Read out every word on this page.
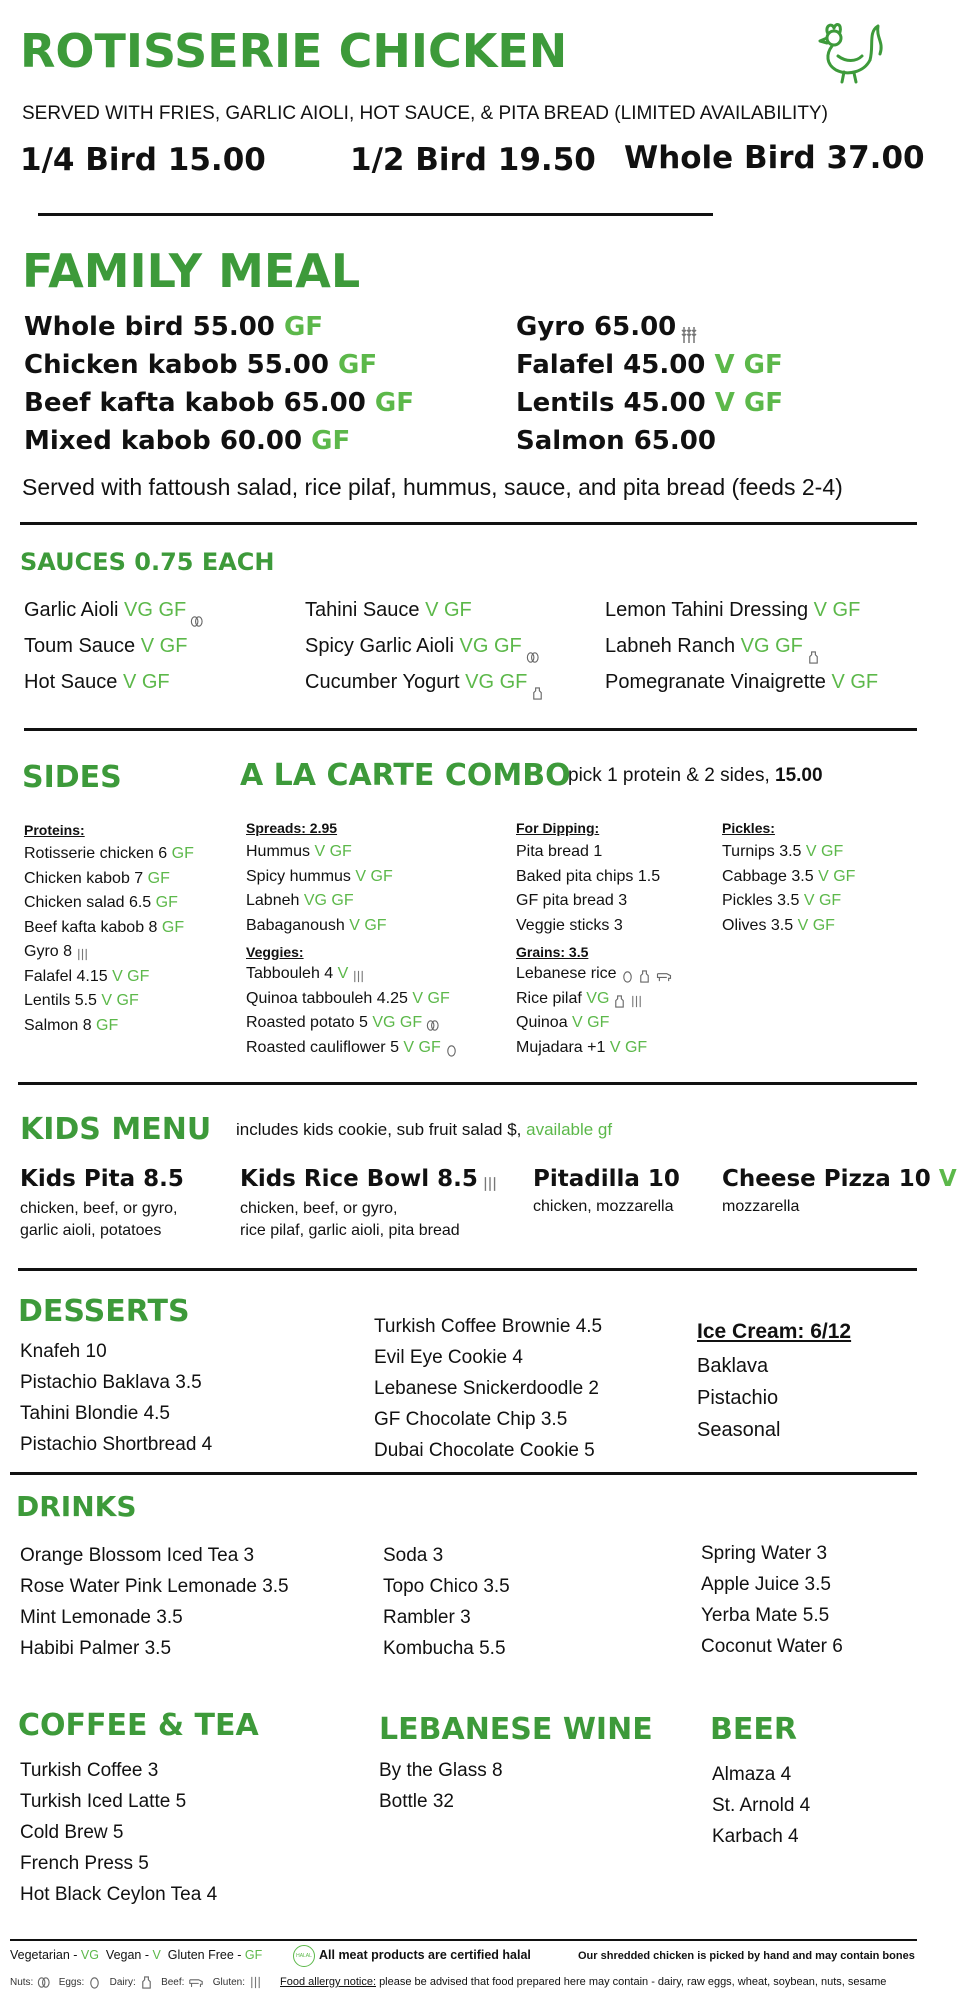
ROTISSERIE CHICKEN
SERVED WITH FRIES, GARLIC AIOLI, HOT SAUCE, & PITA BREAD (LIMITED AVAILABILITY)
1/4 Bird 15.00	1/2 Bird 19.50 Whole Bird 37.00
FAMILY MEAL
Whole bird 55.00 GF
Chicken kabob 55.00 GF
Beef kafta kabob 65.00 GF
Mixed kabob 60.00 GF
Gyro 65.00
Falafel 45.00 V GF
Lentils 45.00 V GF
Salmon 65.00
Served with fattoush salad, rice pilaf, hummus, sauce, and pita bread (feeds 2-4)
SAUCES 0.75 EACH
Garlic Aioli VG GF
Toum Sauce V GF
Hot Sauce V GF
Tahini Sauce V GF
Spicy Garlic Aioli VG GF
Cucumber Yogurt VG GF
Lemon Tahini Dressing V GF
Labneh Ranch VG GF
Pomegranate Vinaigrette V GF
SIDES	A LA CARTE COMBO
pick 1 protein & 2 sides, 15.00
Proteins:
Rotisserie chicken 6 GF
Chicken kabob 7 GF
Chicken salad 6.5 GF
Beef kafta kabob 8 GF
Gyro 8
Falafel 4.15 V GF
Lentils 5.5 V GF
Salmon 8 GF
Spreads: 2.95
Hummus V GF
Spicy hummus V GF
Labneh VG GF
Babaganoush V GF
Veggies:
Tabbouleh 4 V
Quinoa tabbouleh 4.25 V GF
Roasted potato 5 VG GF
Roasted cauliflower 5 V GF
For Dipping:
Pita bread 1
Baked pita chips 1.5
GF pita bread 3
Veggie sticks 3
Grains: 3.5
Lebanese rice
Rice pilaf VG
Quinoa V GF
Mujadara +1 V GF
Pickles:
Turnips 3.5 V GF
Cabbage 3.5 V GF
Pickles 3.5 V GF
Olives 3.5 V GF
KIDS MENU includes kids cookie, sub fruit salad $, available gf
Kids Pita 8.5
chicken, beef, or gyro,
garlic aioli, potatoes
Kids Rice Bowl 8.5
chicken, beef, or gyro,
rice pilaf, garlic aioli, pita bread
Pitadilla 10
chicken, mozzarella
Cheese Pizza 10 V
mozzarella
DESSERTS
Knafeh 10
Pistachio Baklava 3.5
Tahini Blondie 4.5
Pistachio Shortbread 4
Turkish Coffee Brownie 4.5
Evil Eye Cookie 4
Lebanese Snickerdoodle 2
GF Chocolate Chip 3.5
Dubai Chocolate Cookie 5
Ice Cream: 6/12
Baklava
Pistachio
Seasonal
DRINKS
Orange Blossom Iced Tea 3
Rose Water Pink Lemonade 3.5
Mint Lemonade 3.5
Habibi Palmer 3.5
Soda 3
Topo Chico 3.5
Rambler 3
Kombucha 5.5
Spring Water 3
Apple Juice 3.5
Yerba Mate 5.5
Coconut Water 6
COFFEE & TEA
Turkish Coffee 3
Turkish Iced Latte 5
Cold Brew 5
French Press 5
Hot Black Ceylon Tea 4
LEBANESE WINE
By the Glass 8
Bottle 32
BEER
Almaza 4
St. Arnold 4
Karbach 4
Vegetarian - VG Vegan - V Gluten Free - GF	HALAL All meat products are certified halal	Our shredded chicken is picked by hand and may contain bones
Nuts:	Eggs:	Dairy:	Beef:	Gluten:	Food allergy notice: please be advised that food prepared here may contain - dairy, raw eggs, wheat, soybean, nuts, sesame
